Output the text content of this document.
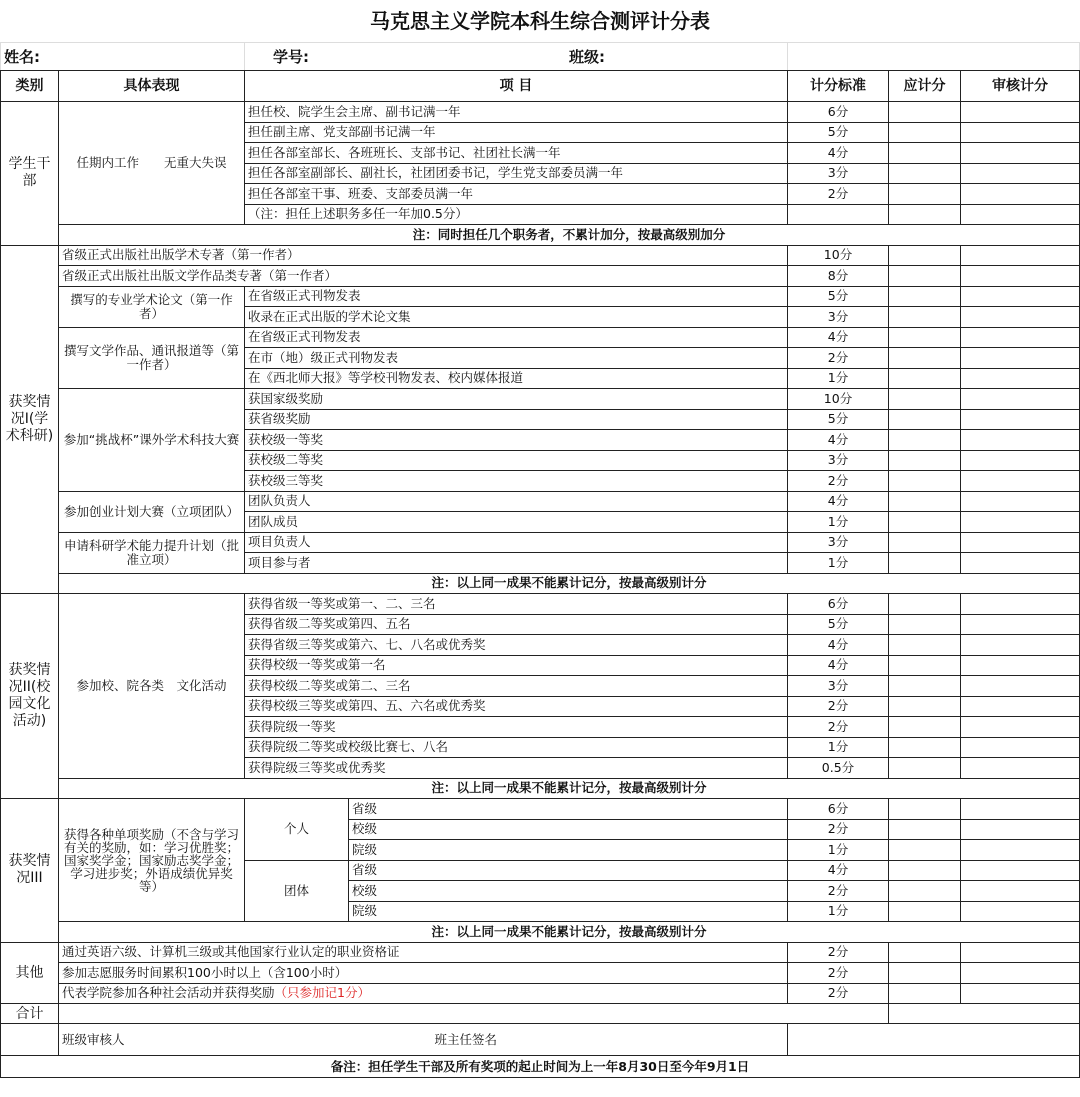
马克思主义学院本科生综合测评计分表
姓名:		学号: 班级:				
类别	具体表现	项 目		计分标准	应计分	审核计分
学生干部	任期内工作　　无重大失误	担任校、院学生会主席、副书记满一年		6分		
		担任副主席、党支部副书记满一年		5分		
		担任各部室部长、各班班长、支部书记、社团社长满一年		4分		
		担任各部室副部长、副社长，社团团委书记，学生党支部委员满一年		3分		
		担任各部室干事、班委、支部委员满一年		2分		
		（注：担任上述职务多任一年加0.5分）				
	注：同时担任几个职务者，不累计加分，按最高级别加分					
获奖情况I(学术科研)	省级正式出版社出版学术专著（第一作者）			10分		
	省级正式出版社出版文学作品类专著（第一作者）			8分		
	撰写的专业学术论文（第一作者）	在省级正式刊物发表		5分		
		收录在正式出版的学术论文集		3分		
	撰写文学作品、通讯报道等（第一作者）	在省级正式刊物发表		4分		
		在市（地）级正式刊物发表		2分		
		在《西北师大报》等学校刊物发表、校内媒体报道		1分		
	参加“挑战杯”课外学术科技大赛	获国家级奖励		10分		
		获省级奖励		5分		
		获校级一等奖		4分		
		获校级二等奖		3分		
		获校级三等奖		2分		
	参加创业计划大赛（立项团队）	团队负责人		4分		
		团队成员		1分		
	申请科研学术能力提升计划（批准立项）	项目负责人		3分		
		项目参与者		1分		
	注：以上同一成果不能累计记分，按最高级别计分					
获奖情况II(校园文化活动)	参加校、院各类　文化活动	获得省级一等奖或第一、二、三名		6分		
		获得省级二等奖或第四、五名		5分		
		获得省级三等奖或第六、七、八名或优秀奖		4分		
		获得校级一等奖或第一名		4分		
		获得校级二等奖或第二、三名		3分		
		获得校级三等奖或第四、五、六名或优秀奖		2分		
		获得院级一等奖		2分		
		获得院级二等奖或校级比赛七、八名		1分		
		获得院级三等奖或优秀奖		0.5分		
	注：以上同一成果不能累计记分，按最高级别计分					
获奖情况III	获得各种单项奖励（不含与学习有关的奖励，如：学习优胜奖；国家奖学金；国家励志奖学金；学习进步奖；外语成绩优异奖等）	个人	省级	6分		
			校级	2分		
			院级	1分		
		团体	省级	4分		
			校级	2分		
			院级	1分		
	注：以上同一成果不能累计记分，按最高级别计分					
其他	通过英语六级、计算机三级或其他国家行业认定的职业资格证			2分		
	参加志愿服务时间累积100小时以上（含100小时）			2分		
	代表学院参加各种社会活动并获得奖励（只参加记1分）			2分		
合计						
	班级审核人 班主任签名					
备注：担任学生干部及所有奖项的起止时间为上一年8月30日至今年9月1日						
